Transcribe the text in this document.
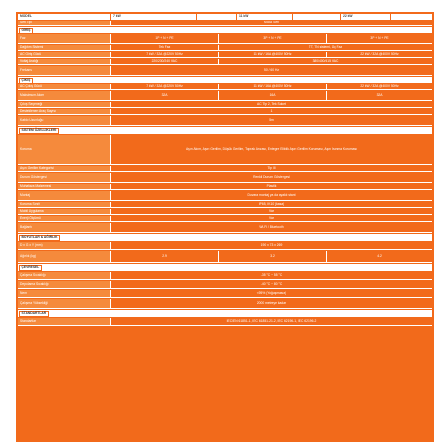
MODEL	7 kW	11 kW	22 kW
Seri Tipi	Mod3 Seri
GİRİŞ
Faz	1P + N + PE	3P + N + PE	3P + N + PE
Dağıtım Sistemi	Tek Faz	TT, TN sistemi, Üç Faz
AC Giriş Gücü	7 kW / 32A @220V 50Hz	11 kW / 16A @400V 50Hz	22 kW / 32A @400V 50Hz
Voltaj Aralığı	220/230/240 VAC	380/400/415 VAC
Frekans	50 / 60 Hz
ÇIKIŞ
AC Çıkış Gücü	7 kW / 32A @220V 50Hz	11 kW / 16A @400V 50Hz	22 kW / 32A @400V 50Hz
Maksimum Akım	32A	16A	32A
Çıkış Seçeneği	AC Tip 2, Tek Soket
Desteklenen Araç Sayısı	1
Kablo Uzunluğu	5m
SİSTEM ÖZELLİKLERİ
Koruma	Aşırı Akım, Aşırı Gerilim, Düşük Gerilim, Toprak Arızası, Entegre Eliktik Aşırı Gerilim Koruması, Aşırı Isınma Koruması
Aşırı Gerilim Kategorisi	Tip III
Durum Göstergesi	Renkli Durum Göstergesi
Muhafaza Malzemesi	Plastik
Montaj	Duvara montaj ya da ayaklı stant
Koruma Sınıfı	IP65, IK10 (kasa)
Mobil Uygulama	Var
Enerji Ölçümü	Var
Bağlantı	Wi-Fi / Bluetooth
BOYUTLAR & AĞIRLIK
D x G x Y (mm)	190 x 73 x 269
Ağırlık (kg)	2.9	3.2	4.2
ÇEVRESEL
Çalışma Sıcaklığı	-35 °C ~ 55 °C
Depolama Sıcaklığı	-40 °C ~ 80 °C
Nem	<95% (Yoğuşmasız)
Çalışma Yüksekliği	2000 metreye kadar
STANDARTLAR
Standartlar	IEC/EN 61851-1, IEC 61851-21-2, IEC 62196-1, IEC 62196-2
